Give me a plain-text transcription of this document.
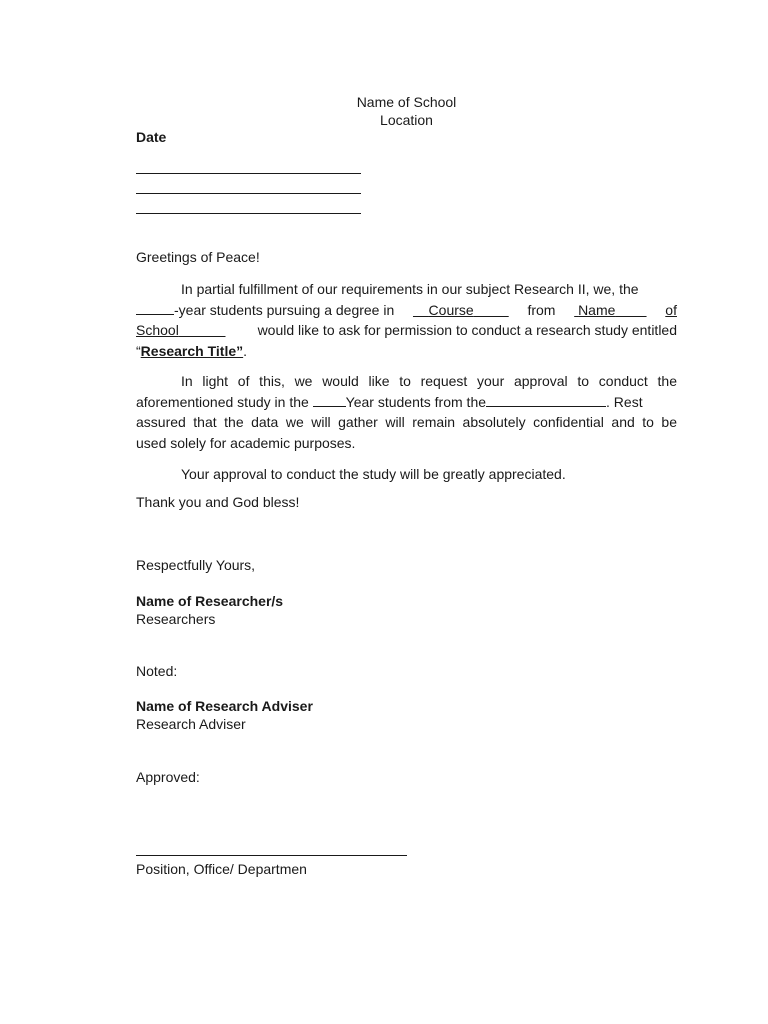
Name of School
Location
Date
Greetings of Peace!
In partial fulfillment of our requirements in our subject Research II, we, the
-year students pursuing a degree in	Course	from Name	of
School	would like to ask for permission to conduct a research study entitled
“Research Title”.
In light of this, we would like to request your approval to conduct the
aforementioned study in the	Year students from the	. Rest
assured that the data we will gather will remain absolutely confidential and to be
used solely for academic purposes.
Your approval to conduct the study will be greatly appreciated.
Thank you and God bless!
Respectfully Yours,
Name of Researcher/s
Researchers
Noted:
Name of Research Adviser
Research Adviser
Approved:
Position, Office/ Departmen
